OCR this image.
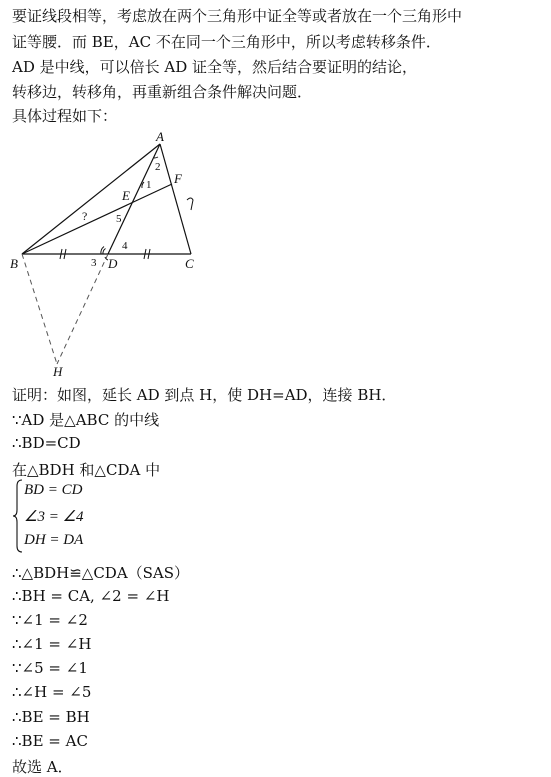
要证线段相等，考虑放在两个三角形中证全等或者放在一个三角形中
证等腰．而 BE，AC 不在同一个三角形中，所以考虑转移条件．
AD 是中线，可以倍长 AD 证全等，然后结合要证明的结论，
转移边，转移角，再重新组合条件解决问题．
具体过程如下：
A
B	C
D
E
F
H
1
2
3
4
5
?
证明：如图，延长 AD 到点 H，使 DH=AD，连接 BH．
∵AD 是△ABC 的中线
∴BD=CD
在△BDH 和△CDA 中
BD = CD
∠3 = ∠4
DH = DA
∴△BDH≌△CDA（SAS）
∴BH = CA, ∠2 = ∠H
∵∠1 = ∠2
∴∠1 = ∠H
∵∠5 = ∠1
∴∠H = ∠5
∴BE = BH
∴BE = AC
故选 A．
